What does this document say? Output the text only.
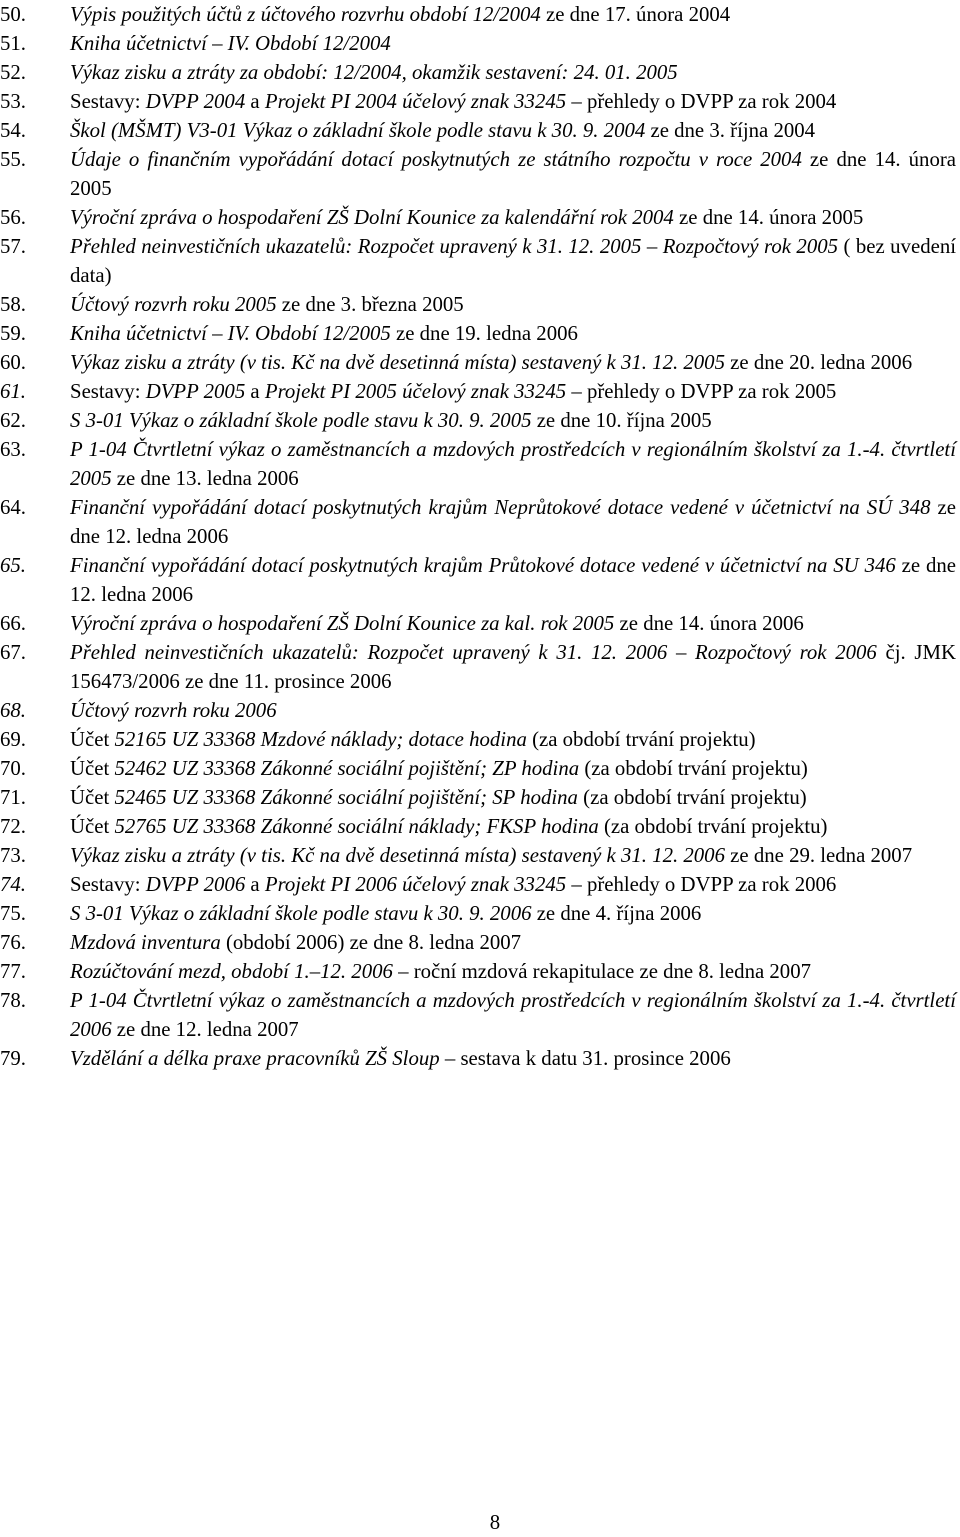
50.	Výpis použitých účtů z účtového rozvrhu období 12/2004 ze dne 17. února 2004
51.	Kniha účetnictví – IV. Období 12/2004
52.	Výkaz zisku a ztráty za období: 12/2004, okamžik sestavení: 24. 01. 2005
53.	Sestavy: DVPP 2004 a Projekt PI 2004 účelový znak 33245 – přehledy o DVPP za rok 2004
54.	Škol (MŠMT) V3-01 Výkaz o základní škole podle stavu k 30. 9. 2004 ze dne 3. října 2004
55.	Údaje o finančním vypořádání dotací poskytnutých ze státního rozpočtu v roce 2004 ze dne 14. února 2005
56.	Výroční zpráva o hospodaření ZŠ Dolní Kounice za kalendářní rok 2004 ze dne 14. února 2005
57.	Přehled neinvestičních ukazatelů: Rozpočet upravený k 31. 12. 2005 – Rozpočtový rok 2005 ( bez uvedení data)
58.	Účtový rozvrh roku 2005 ze dne 3. března 2005
59.	Kniha účetnictví – IV. Období 12/2005 ze dne 19. ledna 2006
60.	Výkaz zisku a ztráty (v tis. Kč na dvě desetinná místa) sestavený k 31. 12. 2005 ze dne 20. ledna 2006
61.	Sestavy: DVPP 2005 a Projekt PI 2005 účelový znak 33245 – přehledy o DVPP za rok 2005
62.	S 3-01 Výkaz o základní škole podle stavu k 30. 9. 2005 ze dne 10. října 2005
63.	P 1-04 Čtvrtletní výkaz o zaměstnancích a mzdových prostředcích v regionálním školství za 1.-4. čtvrtletí 2005 ze dne 13. ledna 2006
64.	Finanční vypořádání dotací poskytnutých krajům Neprůtokové dotace vedené v účetnictví na SÚ 348 ze dne 12. ledna 2006
65.	Finanční vypořádání dotací poskytnutých krajům Průtokové dotace vedené v účetnictví na SU 346 ze dne 12. ledna 2006
66.	Výroční zpráva o hospodaření ZŠ Dolní Kounice za kal. rok 2005 ze dne 14. února 2006
67.	Přehled neinvestičních ukazatelů: Rozpočet upravený k 31. 12. 2006 – Rozpočtový rok 2006 čj. JMK 156473/2006 ze dne 11. prosince 2006
68.	Účtový rozvrh roku 2006
69.	Účet 52165 UZ 33368 Mzdové náklady; dotace hodina (za období trvání projektu)
70.	Účet 52462 UZ 33368 Zákonné sociální pojištění; ZP hodina (za období trvání projektu)
71.	Účet 52465 UZ 33368 Zákonné sociální pojištění; SP hodina (za období trvání projektu)
72.	Účet 52765 UZ 33368 Zákonné sociální náklady; FKSP hodina (za období trvání projektu)
73.	Výkaz zisku a ztráty (v tis. Kč na dvě desetinná místa) sestavený k 31. 12. 2006 ze dne 29. ledna 2007
74.	Sestavy: DVPP 2006 a Projekt PI 2006 účelový znak 33245 – přehledy o DVPP za rok 2006
75.	S 3-01 Výkaz o základní škole podle stavu k 30. 9. 2006 ze dne 4. října 2006
76.	Mzdová inventura (období 2006) ze dne 8. ledna 2007
77.	Rozúčtování mezd, období 1.–12. 2006 – roční mzdová rekapitulace ze dne 8. ledna 2007
78.	P 1-04 Čtvrtletní výkaz o zaměstnancích a mzdových prostředcích v regionálním školství za 1.-4. čtvrtletí 2006 ze dne 12. ledna 2007
79.	Vzdělání a délka praxe pracovníků ZŠ Sloup – sestava k datu 31. prosince 2006
8
